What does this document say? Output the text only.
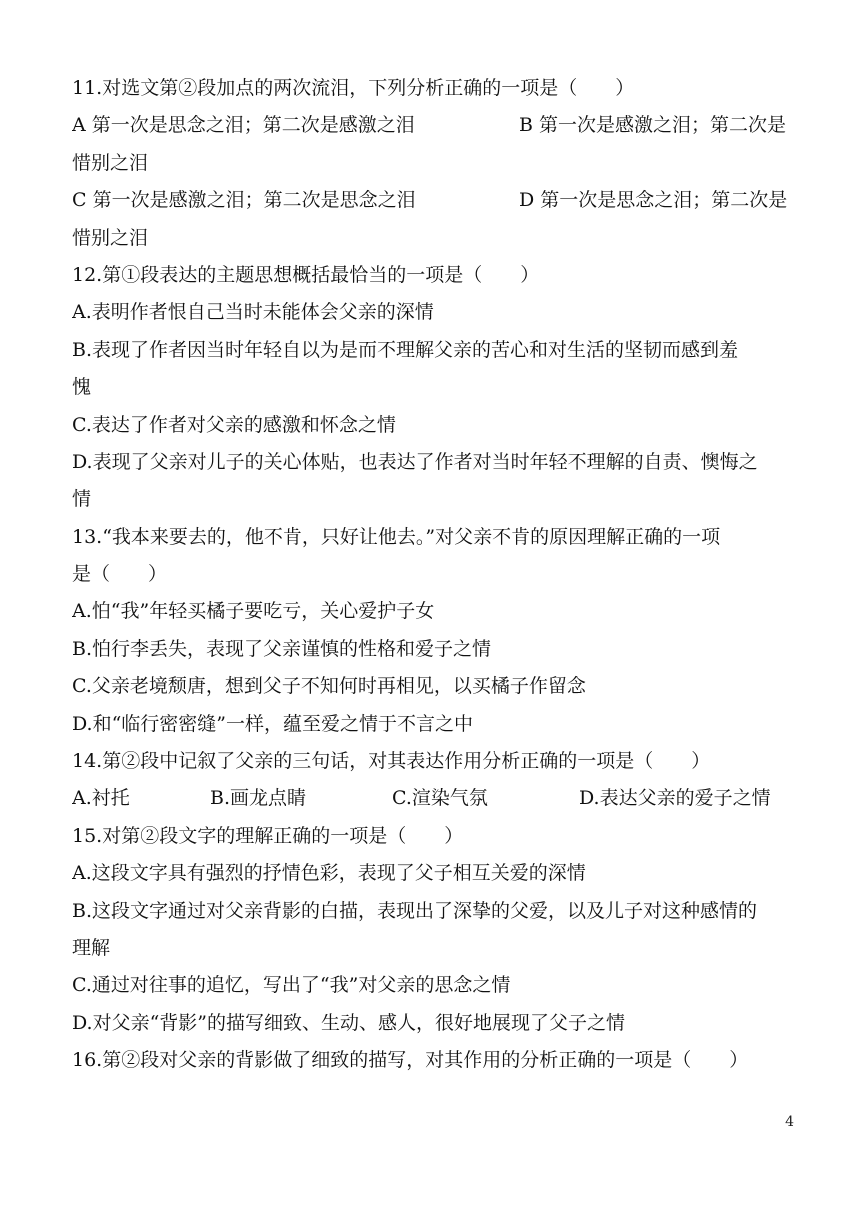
11.对选文第②段加点的两次流泪，下列分析正确的一项是（　　）
A 第一次是思念之泪；第二次是感激之泪	B 第一次是感激之泪；第二次是
惜别之泪
C 第一次是感激之泪；第二次是思念之泪	D 第一次是思念之泪；第二次是
惜别之泪
12.第①段表达的主题思想概括最恰当的一项是（　　）
A.表明作者恨自己当时未能体会父亲的深情
B.表现了作者因当时年轻自以为是而不理解父亲的苦心和对生活的坚韧而感到羞
愧
C.表达了作者对父亲的感激和怀念之情
D.表现了父亲对儿子的关心体贴，也表达了作者对当时年轻不理解的自责、懊悔之
情
13.“我本来要去的，他不肯，只好让他去。”对父亲不肯的原因理解正确的一项
是（　　）
A.怕“我”年轻买橘子要吃亏，关心爱护子女
B.怕行李丢失，表现了父亲谨慎的性格和爱子之情
C.父亲老境颓唐，想到父子不知何时再相见，以买橘子作留念
D.和“临行密密缝”一样，蕴至爱之情于不言之中
14.第②段中记叙了父亲的三句话，对其表达作用分析正确的一项是（　　）
A.衬托	B.画龙点睛	C.渲染气氛	D.表达父亲的爱子之情
15.对第②段文字的理解正确的一项是（　　）
A.这段文字具有强烈的抒情色彩，表现了父子相互关爱的深情
B.这段文字通过对父亲背影的白描，表现出了深挚的父爱，以及儿子对这种感情的
理解
C.通过对往事的追忆，写出了“我”对父亲的思念之情
D.对父亲“背影”的描写细致、生动、感人，很好地展现了父子之情
16.第②段对父亲的背影做了细致的描写，对其作用的分析正确的一项是（　　）
4
